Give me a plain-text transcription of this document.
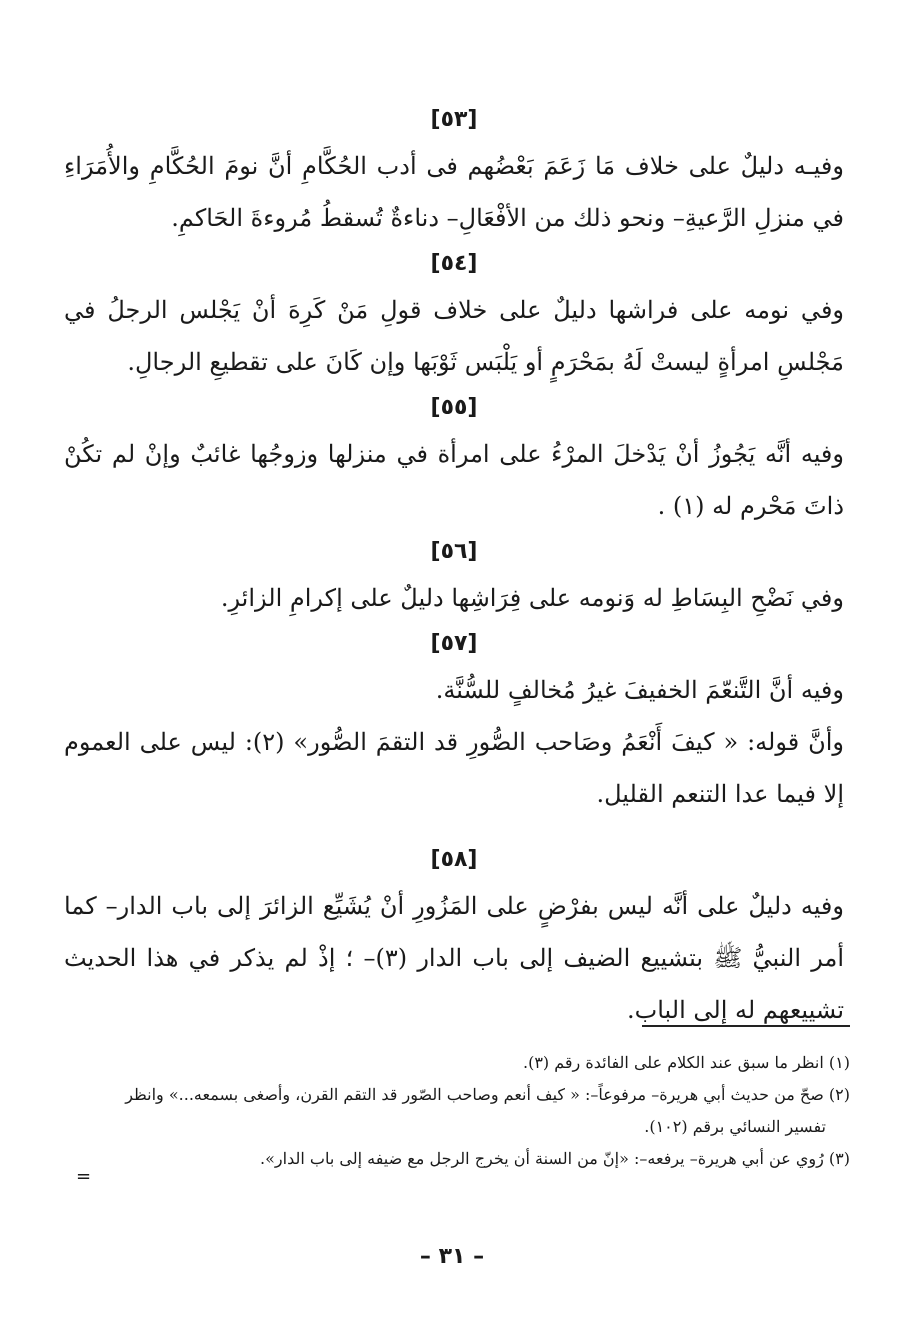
[٥٣]

وفيـه دليلٌ على خلاف مَا زَعَمَ بَعْضُهم فى أدب الحُكَّامِ أنَّ نومَ الحُكَّامِ والأُمَرَاءِ في منزلِ الرَّعيةِ– ونحو ذلك من الأفْعَالِ– دناءةٌ تُسقطُ مُروءةَ الحَاكمِ.

[٥٤]

وفي نومه على فراشها دليلٌ على خلاف قولِ مَنْ كَرِهَ أنْ يَجْلس الرجلُ في مَجْلسِ امرأةٍ ليستْ لَهُ بمَحْرَمٍ أو يَلْبَس ثَوْبَها وإن كَانَ على تقطيعِ الرجالِ.

[٥٥]

وفيه أنَّه يَجُوزُ أنْ يَدْخلَ المرْءُ على امرأة في منزلها وزوجُها غائبٌ وإنْ لم تكُنْ ذاتَ مَحْرم له (١) .

[٥٦]

وفي نَضْحِ البِسَاطِ له وَنومه على فِرَاشِها دليلٌ على إكرامِ الزائرِ.

[٥٧]

وفيه أنَّ التَّنعّمَ الخفيفَ غيرُ مُخالفٍ للسُّنَّة.

وأنَّ قوله: « كيفَ أَنْعَمُ وصَاحب الصُّورِ قد التقمَ الصُّور» (٢): ليس على العموم إلا فيما عدا التنعم القليل.

[٥٨]

وفيه دليلٌ على أنَّه ليس بفرْضٍ على المَزُورِ أنْ يُشَيِّع الزائرَ إلى باب الدار– كما أمر النبيُّ ﷺ بتشييع الضيف إلى باب الدار (٣)– ؛ إذْ لم يذكر في هذا الحديث تشييعهم له إلى الباب.

(١) انظر ما سبق عند الكلام على الفائدة رقم (٣).

(٢) صحّ من حديث أبي هريرة– مرفوعاً–: « كيف أنعم وصاحب الصّور قد التقم القرن، وأصغى بسمعه...» وانظر

تفسير النسائي برقم (١٠٢).

(٣) رُوي عن أبي هريرة– يرفعه–: «إنّ من السنة أن يخرج الرجل مع ضيفه إلى باب الدار».

=
– ٣١ –
